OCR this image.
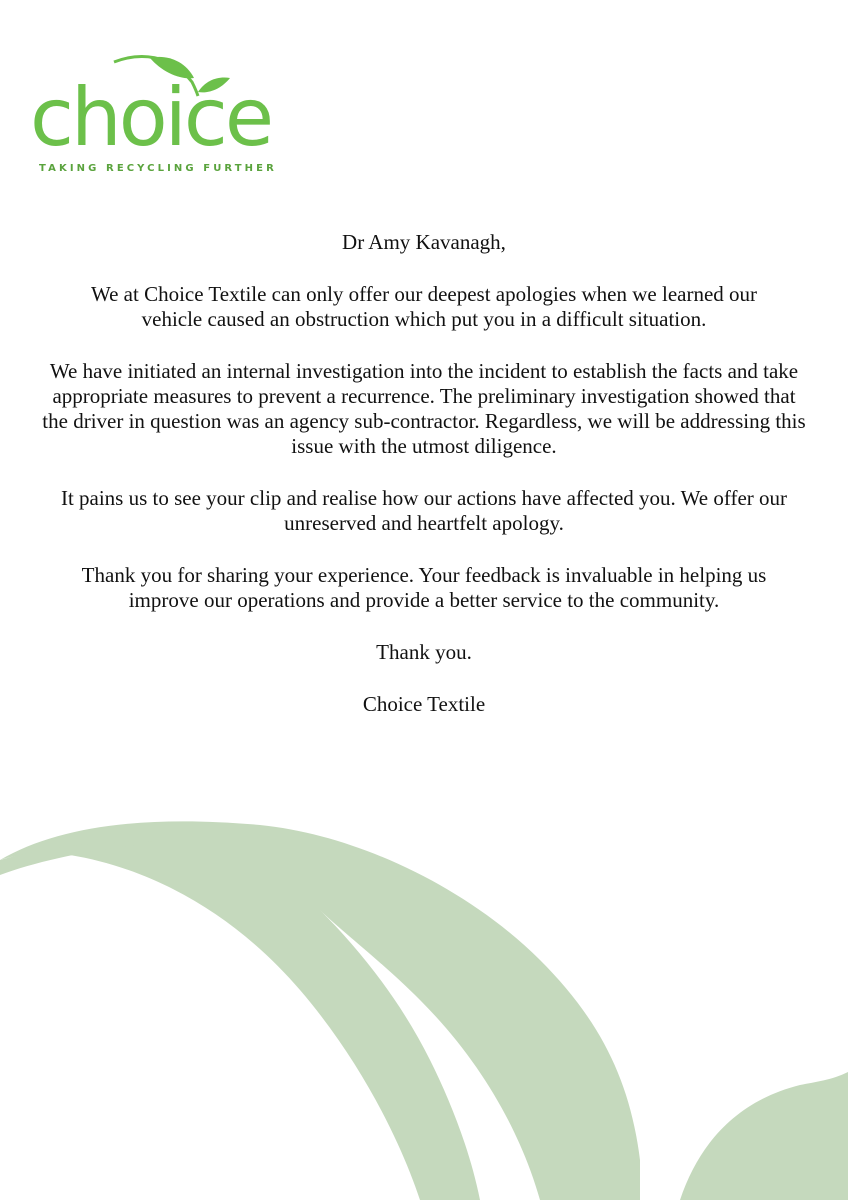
choice
TAKING RECYCLING FURTHER

Dr Amy Kavanagh,

We at Choice Textile can only offer our deepest apologies when we learned our vehicle caused an obstruction which put you in a difficult situation.

We have initiated an internal investigation into the incident to establish the facts and take appropriate measures to prevent a recurrence. The preliminary investigation showed that the driver in question was an agency sub-contractor. Regardless, we will be addressing this issue with the utmost diligence.

It pains us to see your clip and realise how our actions have affected you. We offer our unreserved and heartfelt apology.

Thank you for sharing your experience. Your feedback is invaluable in helping us improve our operations and provide a better service to the community.

Thank you.

Choice Textile
